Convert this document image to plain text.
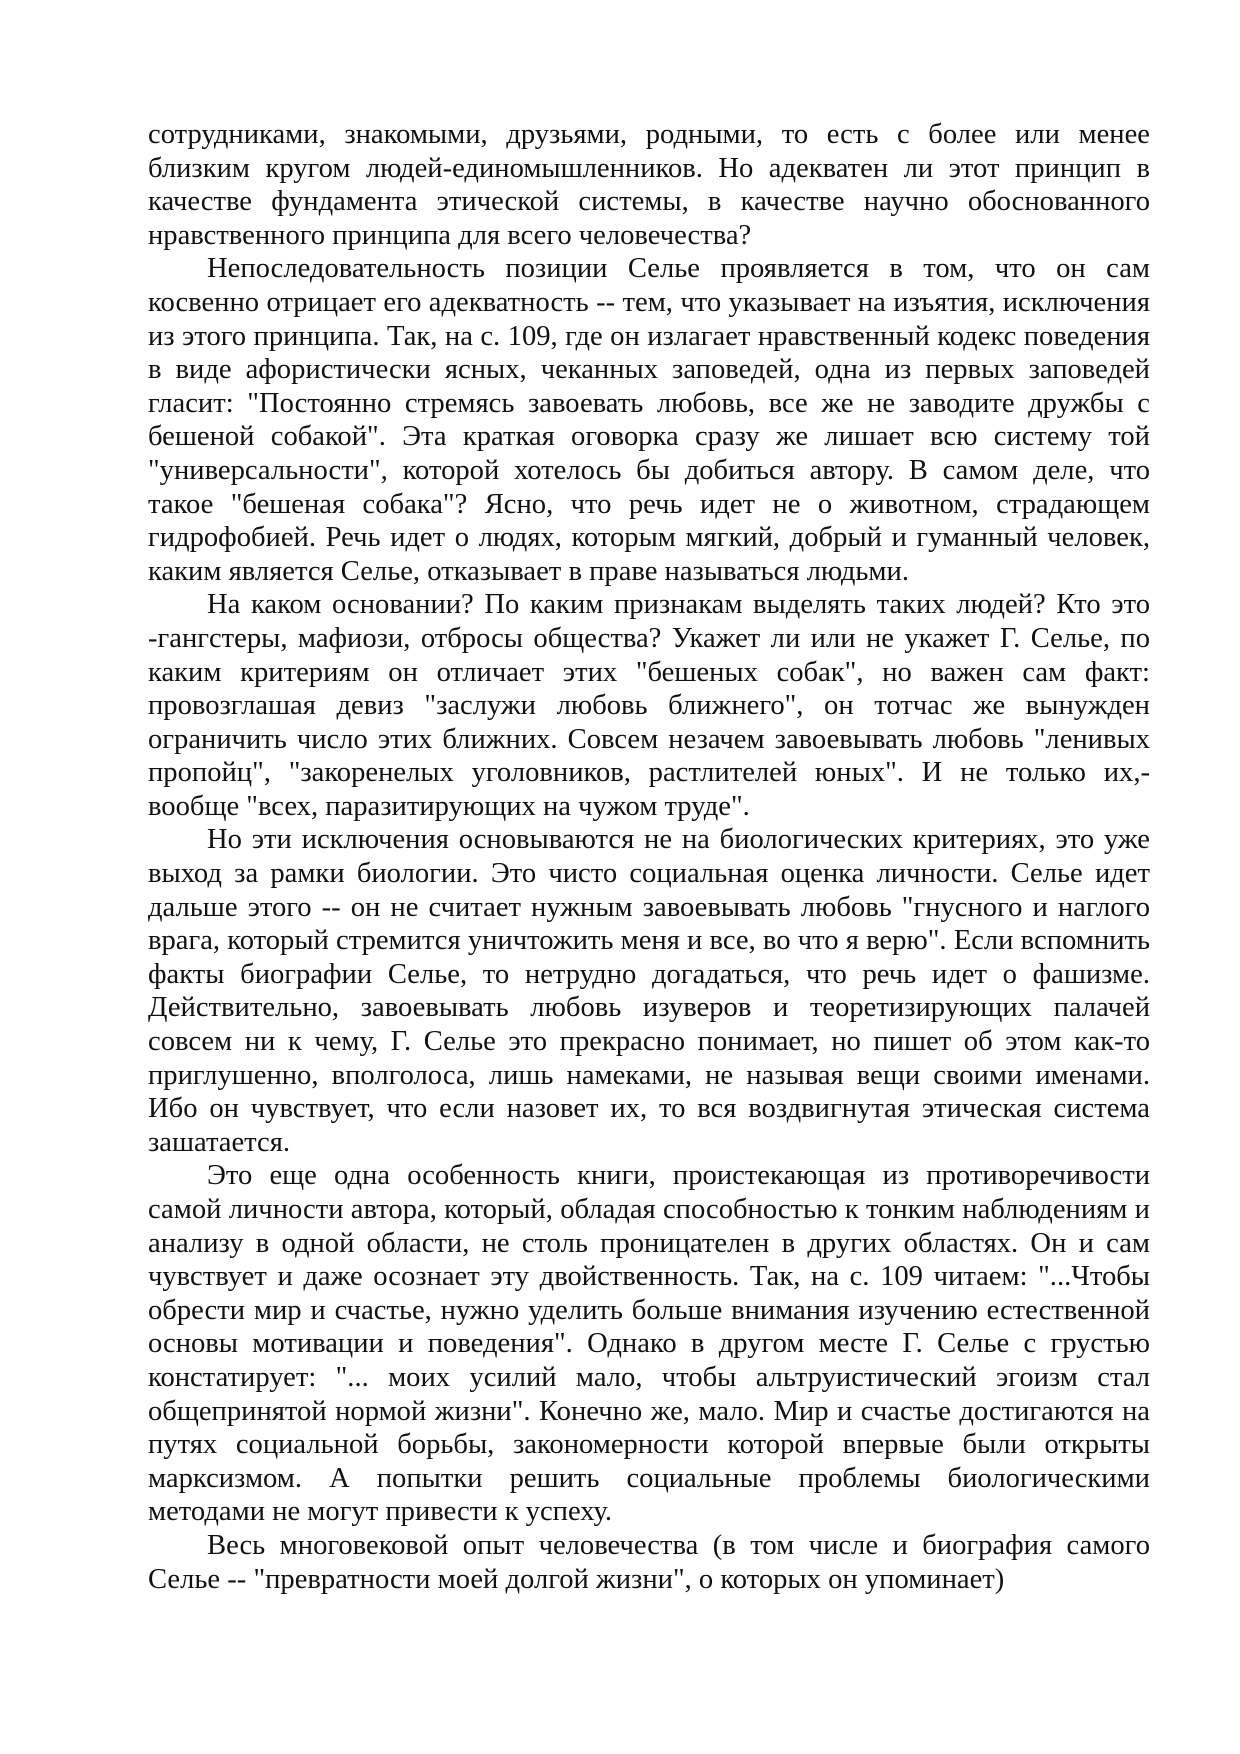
сотрудниками, знакомыми, друзьями, родными, то есть с более или менее близким кругом людей-единомышленников. Но адекватен ли этот принцип в качестве фундамента этической системы, в качестве научно обоснованного нравственного принципа для всего человечества?

Непоследовательность позиции Селье проявляется в том, что он сам косвенно отрицает его адекватность -- тем, что указывает на изъятия, исключения из этого принципа. Так, на с. 109, где он излагает нравственный кодекс поведения в виде афористически ясных, чеканных заповедей, одна из первых заповедей гласит: "Постоянно стремясь завоевать любовь, все же не заводите дружбы с бешеной собакой". Эта краткая оговорка сразу же лишает всю систему той "универсальности", которой хотелось бы добиться автору. В самом деле, что такое "бешеная собака"? Ясно, что речь идет не о животном, страдающем гидрофобией. Речь идет о людях, которым мягкий, добрый и гуманный человек, каким является Селье, отказывает в праве называться людьми.

На каком основании? По каким признакам выделять таких людей? Кто это -гангстеры, мафиози, отбросы общества? Укажет ли или не укажет Г. Селье, по каким критериям он отличает этих "бешеных собак", но важен сам факт: провозглашая девиз "заслужи любовь ближнего", он тотчас же вынужден ограничить число этих ближних. Совсем незачем завоевывать любовь "ленивых пропойц", "закоренелых уголовников, растлителей юных". И не только их,-вообще "всех, паразитирующих на чужом труде".

Но эти исключения основываются не на биологических критериях, это уже выход за рамки биологии. Это чисто социальная оценка личности. Селье идет дальше этого -- он не считает нужным завоевывать любовь "гнусного и наглого врага, который стремится уничтожить меня и все, во что я верю". Если вспомнить факты биографии Селье, то нетрудно догадаться, что речь идет о фашизме. Действительно, завоевывать любовь изуверов и теоретизирующих палачей совсем ни к чему, Г. Селье это прекрасно понимает, но пишет об этом как-то приглушенно, вполголоса, лишь намеками, не называя вещи своими именами. Ибо он чувствует, что если назовет их, то вся воздвигнутая этическая система зашатается.

Это еще одна особенность книги, проистекающая из противоречивости самой личности автора, который, обладая способностью к тонким наблюдениям и анализу в одной области, не столь проницателен в других областях. Он и сам чувствует и даже осознает эту двойственность. Так, на с. 109 читаем: "...Чтобы обрести мир и счастье, нужно уделить больше внимания изучению естественной основы мотивации и поведения". Однако в другом месте Г. Селье с грустью констатирует: "... моих усилий мало, чтобы альтруистический эгоизм стал общепринятой нормой жизни". Конечно же, мало. Мир и счастье достигаются на путях социальной борьбы, закономерности которой впервые были открыты марксизмом. А попытки решить социальные проблемы биологическими методами не могут привести к успеху.

Весь многовековой опыт человечества (в том числе и биография самого Селье -- "превратности моей долгой жизни", о которых он упоминает)
